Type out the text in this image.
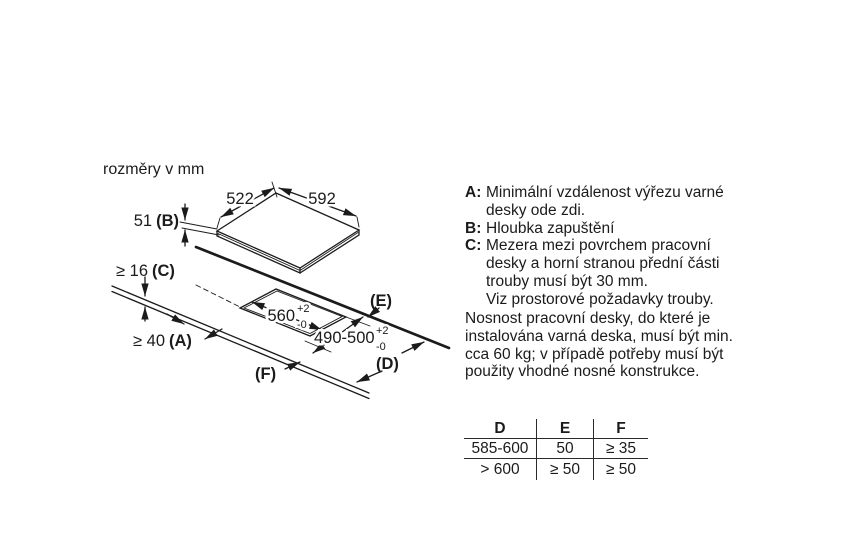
rozměry v mm
522	592
51 (B)
≥ 16 (C)
≥ 40 (A)
560 +2
-0
490-500 +2
-0
(E)
(D)
(F)
A: Minimální vzdálenost výřezu varné
desky ode zdi.
B: Hloubka zapuštění
C: Mezera mezi povrchem pracovní
desky a horní stranou přední části
trouby musí být 30 mm.
Viz prostorové požadavky trouby.
Nosnost pracovní desky, do které je
instalována varná deska, musí být min.
cca 60 kg; v případě potřeby musí být
použity vhodné nosné konstrukce.
D	E	F
585-600	50	≥ 35
> 600	≥ 50	≥ 50
